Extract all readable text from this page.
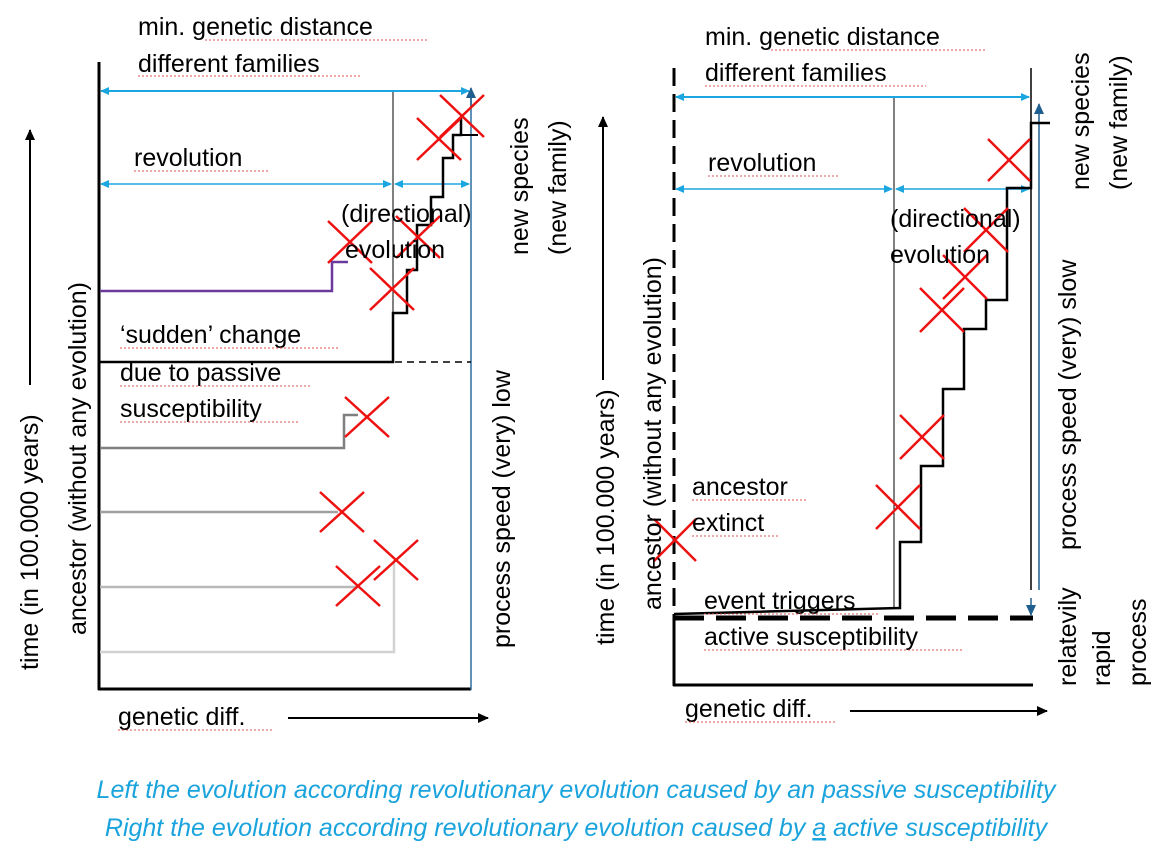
min. genetic distance
different families
revolution
(directional)
evolution
‘sudden’ change
due to passive
susceptibility
genetic diff.
time (in 100.000 years) ancestor (without any evolution)	process speed (very) low
new species (new family)
min. genetic distance
different families
revolution
(directional)
evolution
ancestor
extinct
event triggers
active susceptibility
genetic diff.
time (in 100.000 years) ancestor (without any evolution)	process speed (very) slow
new species (new family)
relatevily rapid process
Left the evolution according revolutionary evolution caused by an passive susceptibility
Right the evolution according revolutionary evolution caused by a active susceptibility
